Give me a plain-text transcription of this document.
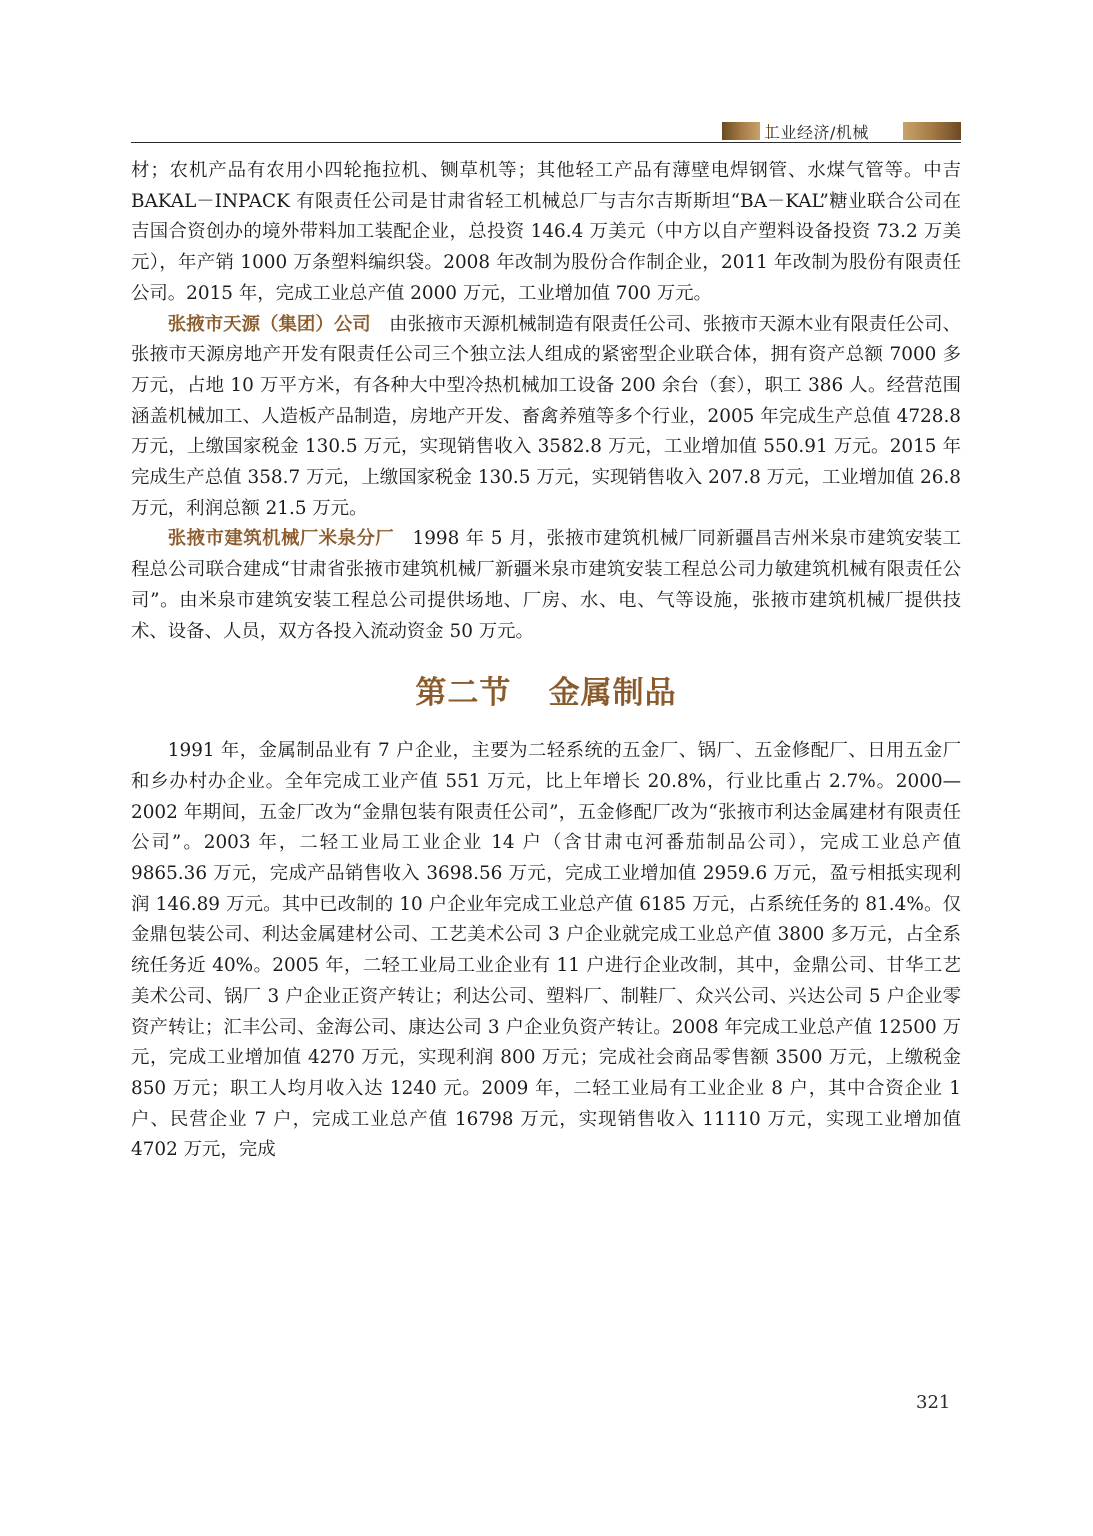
工业经济/机械

材；农机产品有农用小四轮拖拉机、铡草机等；其他轻工产品有薄壁电焊钢管、水煤气管等。中吉 BAKAL－INPACK 有限责任公司是甘肃省轻工机械总厂与吉尔吉斯斯坦“BA－KAL”糖业联合公司在吉国合资创办的境外带料加工装配企业，总投资 146.4 万美元（中方以自产塑料设备投资 73.2 万美元），年产销 1000 万条塑料编织袋。2008 年改制为股份合作制企业，2011 年改制为股份有限责任公司。2015 年，完成工业总产值 2000 万元，工业增加值 700 万元。

张掖市天源（集团）公司 由张掖市天源机械制造有限责任公司、张掖市天源木业有限责任公司、张掖市天源房地产开发有限责任公司三个独立法人组成的紧密型企业联合体，拥有资产总额 7000 多万元，占地 10 万平方米，有各种大中型冷热机械加工设备 200 余台（套），职工 386 人。经营范围涵盖机械加工、人造板产品制造，房地产开发、畜禽养殖等多个行业，2005 年完成生产总值 4728.8 万元，上缴国家税金 130.5 万元，实现销售收入 3582.8 万元，工业增加值 550.91 万元。2015 年完成生产总值 358.7 万元，上缴国家税金 130.5 万元，实现销售收入 207.8 万元，工业增加值 26.8 万元，利润总额 21.5 万元。

张掖市建筑机械厂米泉分厂 1998 年 5 月，张掖市建筑机械厂同新疆昌吉州米泉市建筑安装工程总公司联合建成“甘肃省张掖市建筑机械厂新疆米泉市建筑安装工程总公司力敏建筑机械有限责任公司”。由米泉市建筑安装工程总公司提供场地、厂房、水、电、气等设施，张掖市建筑机械厂提供技术、设备、人员，双方各投入流动资金 50 万元。

第二节 金属制品

1991 年，金属制品业有 7 户企业，主要为二轻系统的五金厂、锅厂、五金修配厂、日用五金厂和乡办村办企业。全年完成工业产值 551 万元，比上年增长 20.8%，行业比重占 2.7%。2000—2002 年期间，五金厂改为“金鼎包装有限责任公司”，五金修配厂改为“张掖市利达金属建材有限责任公司”。2003 年，二轻工业局工业企业 14 户（含甘肃屯河番茄制品公司），完成工业总产值 9865.36 万元，完成产品销售收入 3698.56 万元，完成工业增加值 2959.6 万元，盈亏相抵实现利润 146.89 万元。其中已改制的 10 户企业年完成工业总产值 6185 万元，占系统任务的 81.4%。仅金鼎包装公司、利达金属建材公司、工艺美术公司 3 户企业就完成工业总产值 3800 多万元，占全系统任务近 40%。2005 年，二轻工业局工业企业有 11 户进行企业改制，其中，金鼎公司、甘华工艺美术公司、锅厂 3 户企业正资产转让；利达公司、塑料厂、制鞋厂、众兴公司、兴达公司 5 户企业零资产转让；汇丰公司、金海公司、康达公司 3 户企业负资产转让。2008 年完成工业总产值 12500 万元，完成工业增加值 4270 万元，实现利润 800 万元；完成社会商品零售额 3500 万元，上缴税金 850 万元；职工人均月收入达 1240 元。2009 年，二轻工业局有工业企业 8 户，其中合资企业 1 户、民营企业 7 户，完成工业总产值 16798 万元，实现销售收入 11110 万元，实现工业增加值 4702 万元，完成

321
